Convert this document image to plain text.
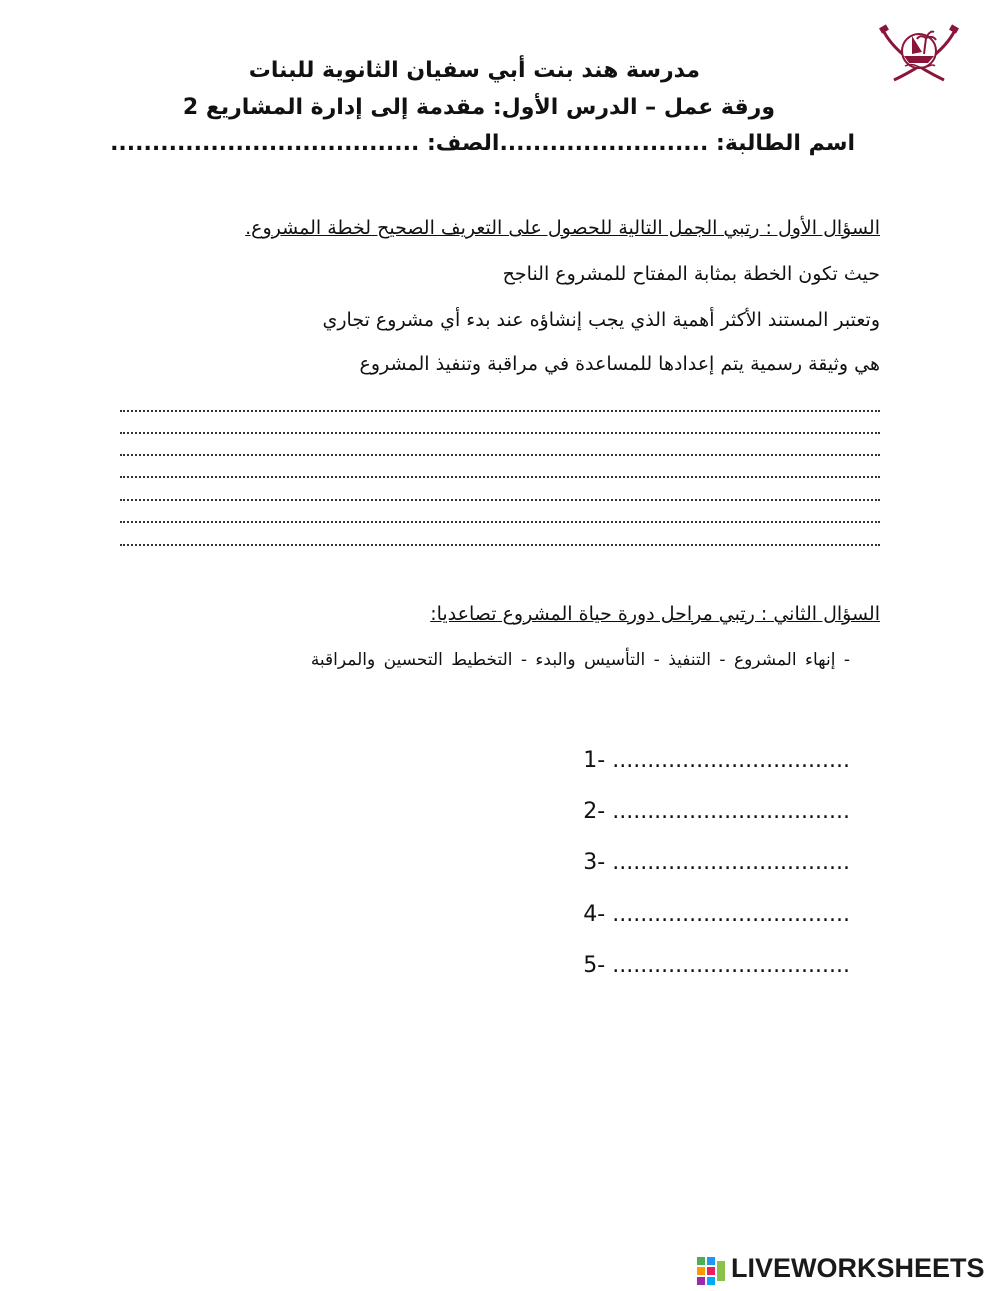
مدرسة هند بنت أبي سفيان الثانوية للبنات
ورقة عمل – الدرس الأول: مقدمة إلى إدارة المشاريع 2
اسم الطالبة: .........................الصف: .....................................
السؤال الأول : رتبي الجمل التالية للحصول على التعريف الصحيح لخطة المشروع.
حيث تكون الخطة بمثابة المفتاح للمشروع الناجح
وتعتبر المستند الأكثر أهمية الذي يجب إنشاؤه عند بدء أي مشروع تجاري
هي وثيقة رسمية يتم إعدادها للمساعدة في مراقبة وتنفيذ المشروع
السؤال الثاني : رتبي مراحل دورة حياة المشروع تصاعديا:
- إنهاء المشروع - التنفيذ - التأسيس والبدء - التخطيط التحسين والمراقبة
1- ..................................
2- ..................................
3- ..................................
4- ..................................
5- ..................................
LIVEWORKSHEETS
